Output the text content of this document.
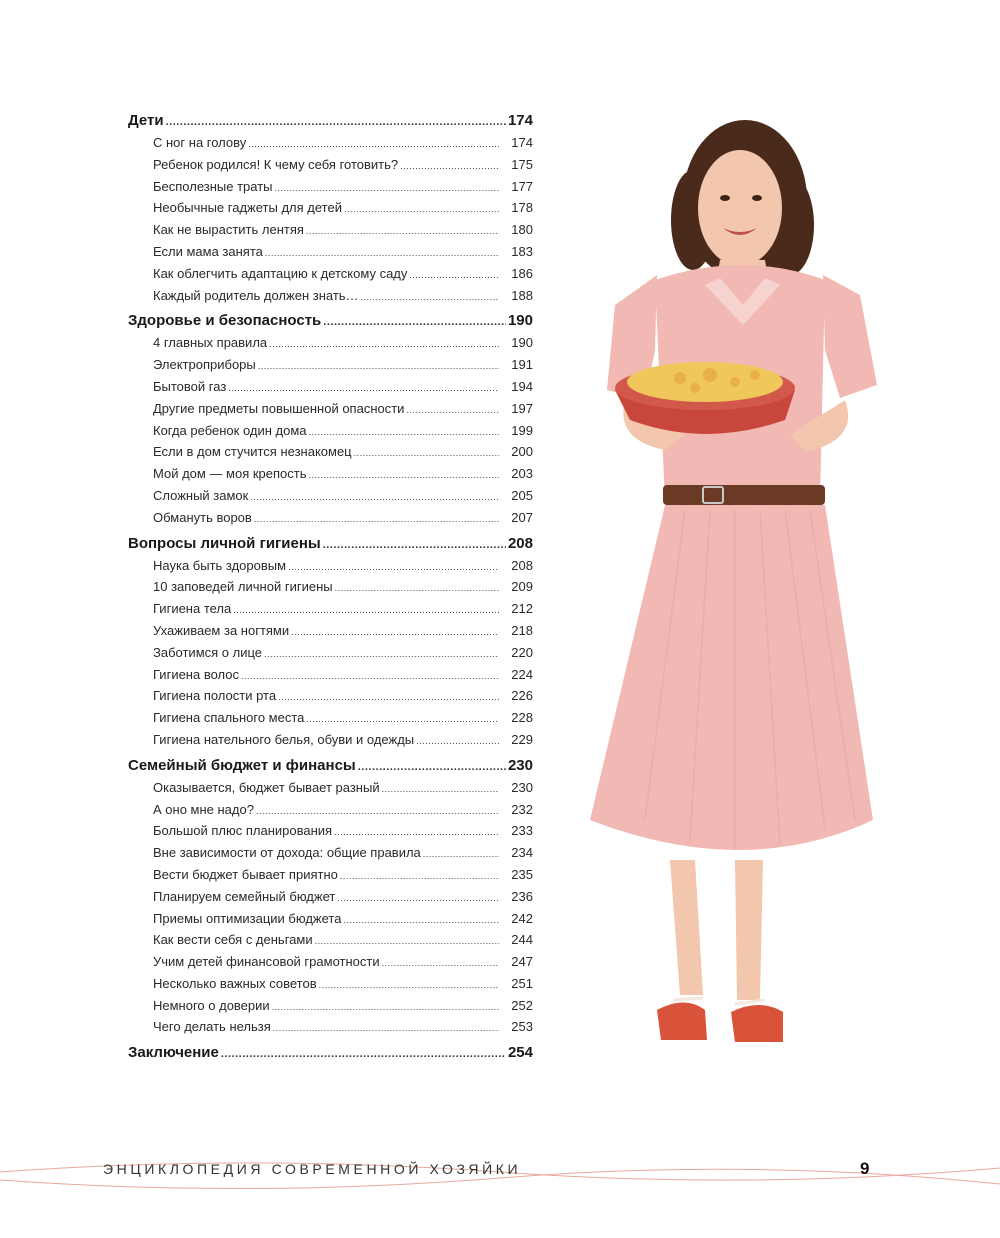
Дети .....	174
С ног на голову .....	174
Ребенок родился! К чему себя готовить? .....	175
Бесполезные траты .....	177
Необычные гаджеты для детей .....	178
Как не вырастить лентяя .....	180
Если мама занята .....	183
Как облегчить адаптацию к детскому саду .....	186
Каждый родитель должен знать… .....	188
Здоровье и безопасность .....	190
4 главных правила .....	190
Электроприборы .....	191
Бытовой газ .....	194
Другие предметы повышенной опасности .....	197
Когда ребенок один дома .....	199
Если в дом стучится незнакомец .....	200
Мой дом — моя крепость .....	203
Сложный замок .....	205
Обмануть воров .....	207
Вопросы личной гигиены .....	208
Наука быть здоровым .....	208
10 заповедей личной гигиены .....	209
Гигиена тела .....	212
Ухаживаем за ногтями .....	218
Заботимся о лице .....	220
Гигиена волос .....	224
Гигиена полости рта .....	226
Гигиена спального места .....	228
Гигиена нательного белья, обуви и одежды .....	229
Семейный бюджет и финансы .....	230
Оказывается, бюджет бывает разный .....	230
А оно мне надо? .....	232
Большой плюс планирования .....	233
Вне зависимости от дохода: общие правила .....	234
Вести бюджет бывает приятно .....	235
Планируем семейный бюджет .....	236
Приемы оптимизации бюджета .....	242
Как вести себя с деньгами .....	244
Учим детей финансовой грамотности .....	247
Несколько важных советов .....	251
Немного о доверии .....	252
Чего делать нельзя .....	253
Заключение .....	254
ЭНЦИКЛОПЕДИЯ СОВРЕМЕННОЙ ХОЗЯЙКИ	9
